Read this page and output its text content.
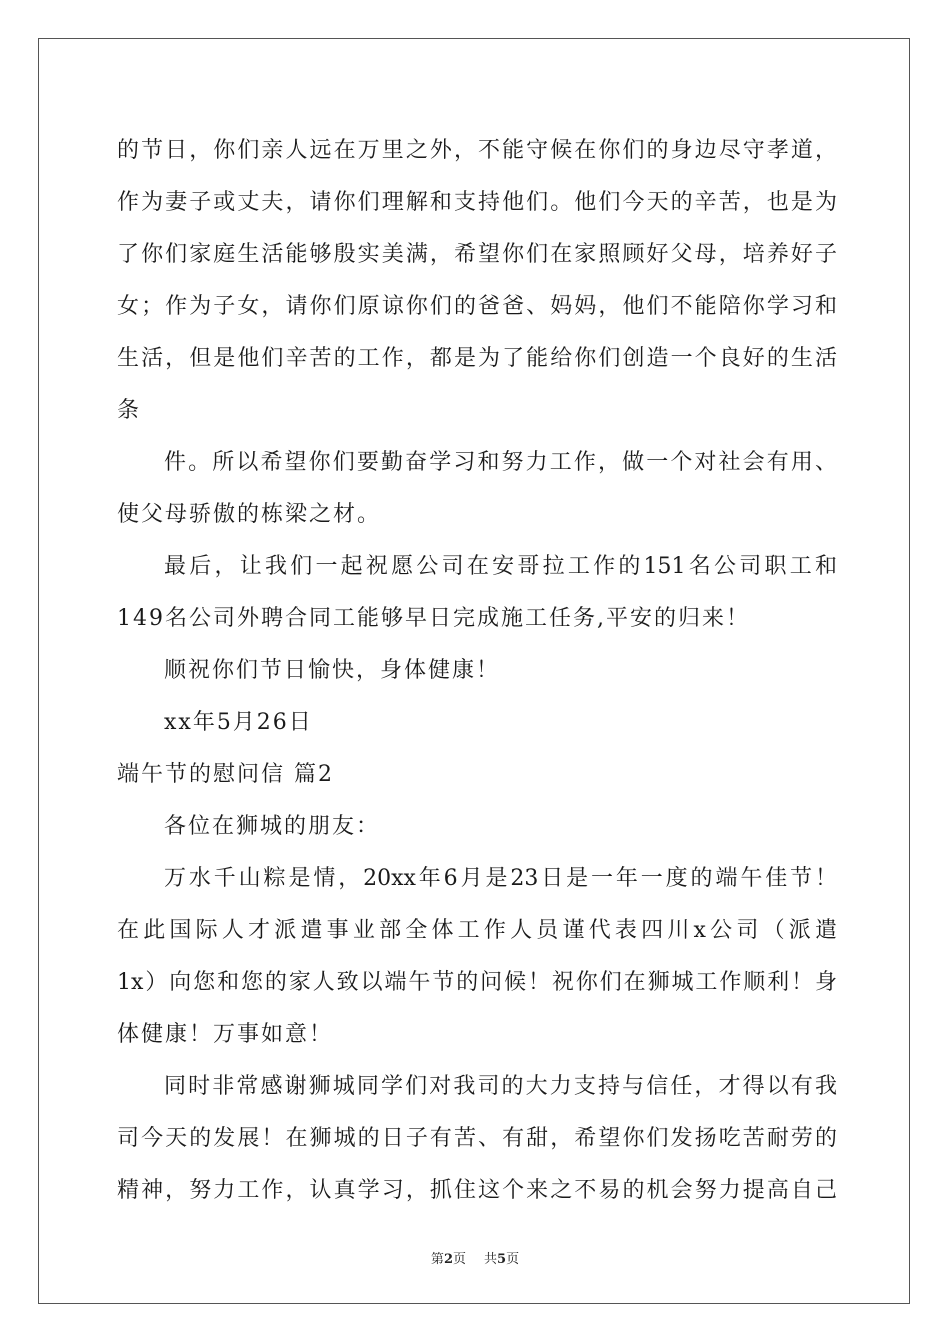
的节日，你们亲人远在万里之外，不能守候在你们的身边尽守孝道，
作为妻子或丈夫，请你们理解和支持他们。他们今天的辛苦，也是为
了你们家庭生活能够殷实美满，希望你们在家照顾好父母，培养好子
女；作为子女，请你们原谅你们的爸爸、妈妈，他们不能陪你学习和
生活，但是他们辛苦的工作，都是为了能给你们创造一个良好的生活
条
件。所以希望你们要勤奋学习和努力工作，做一个对社会有用、
使父母骄傲的栋梁之材。
最后，让我们一起祝愿公司在安哥拉工作的151名公司职工和
149名公司外聘合同工能够早日完成施工任务,平安的归来！
顺祝你们节日愉快，身体健康！
xx年5月26日
端午节的慰问信 篇2
各位在狮城的朋友：
万水千山粽是情，20xx年6月是23日是一年一度的端午佳节！
在此国际人才派遣事业部全体工作人员谨代表四川x公司（派遣
1x）向您和您的家人致以端午节的问候！祝你们在狮城工作顺利！身
体健康！万事如意！
同时非常感谢狮城同学们对我司的大力支持与信任，才得以有我
司今天的发展！在狮城的日子有苦、有甜，希望你们发扬吃苦耐劳的
精神，努力工作，认真学习，抓住这个来之不易的机会努力提高自己
第2页 共5页
